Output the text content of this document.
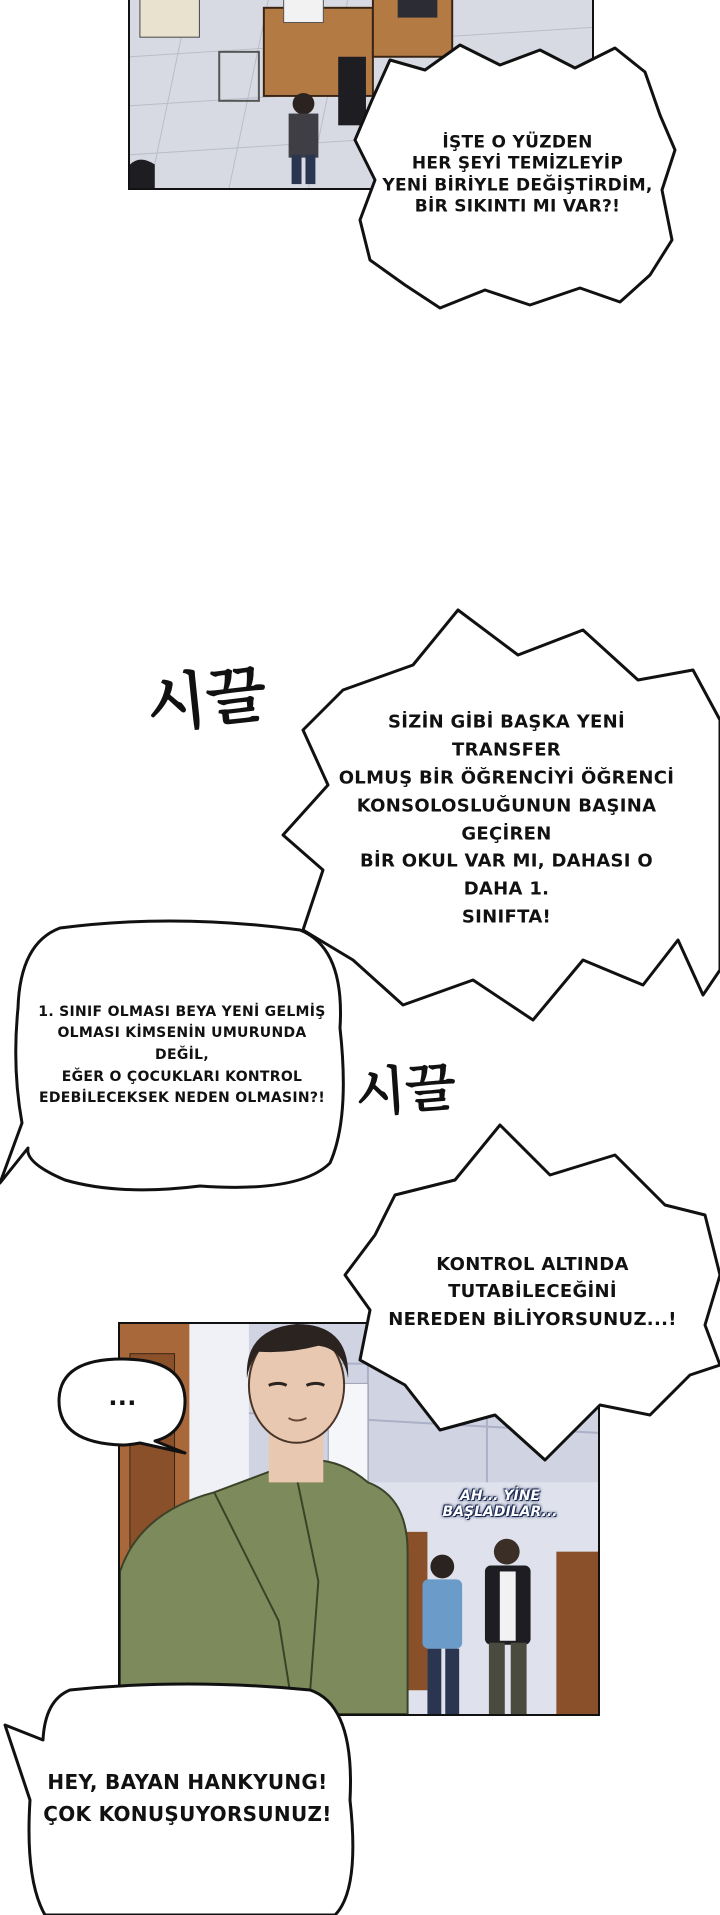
İŞTE O YÜZDEN
HER ŞEYİ TEMİZLEYİP
YENİ BİRİYLE DEĞİŞTİRDİM,
BİR SIKINTI MI VAR?!
시끌	SİZİN GİBİ BAŞKA YENİ TRANSFER
OLMUŞ BİR ÖĞRENCİYİ ÖĞRENCİ
KONSOLOSLUĞUNUN BAŞINA GEÇİREN
BİR OKUL VAR MI, DAHASI O DAHA 1.
SINIFTA!
1. SINIF OLMASI BEYA YENİ GELMİŞ
OLMASI KİMSENİN UMURUNDA DEĞİL,
EĞER O ÇOCUKLARI KONTROL
EDEBİLECEKSEK NEDEN OLMASIN?! 시끌
AH... YİNE
BAŞLADILAR...
KONTROL ALTINDA
TUTABİLECEĞİNİ
NEREDEN BİLİYORSUNUZ...!
...
HEY, BAYAN HANKYUNG!
ÇOK KONUŞUYORSUNUZ!
